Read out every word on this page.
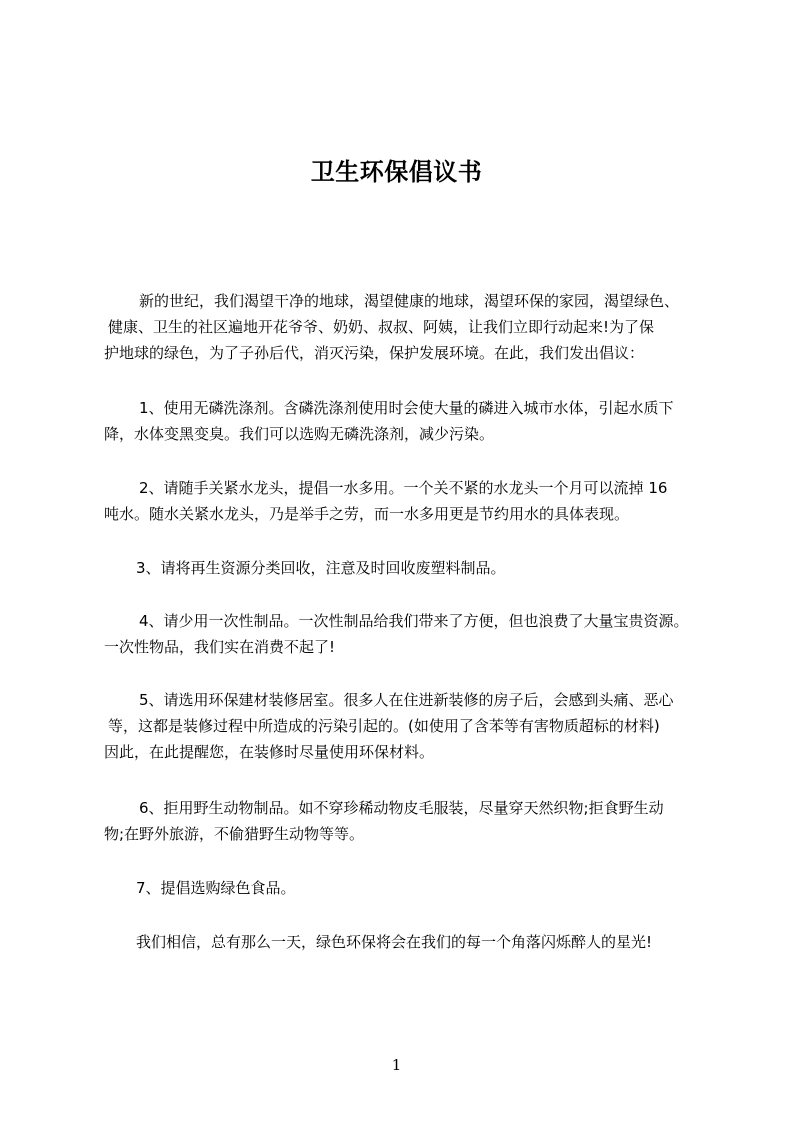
卫生环保倡议书
新的世纪，我们渴望干净的地球，渴望健康的地球，渴望环保的家园，渴望绿色、
健康、卫生的社区遍地开花爷爷、奶奶、叔叔、阿姨，让我们立即行动起来!为了保
护地球的绿色，为了子孙后代，消灭污染，保护发展环境。在此，我们发出倡议：
1、使用无磷洗涤剂。含磷洗涤剂使用时会使大量的磷进入城市水体，引起水质下
降，水体变黑变臭。我们可以选购无磷洗涤剂，减少污染。
2、请随手关紧水龙头，提倡一水多用。一个关不紧的水龙头一个月可以流掉 16
吨水。随水关紧水龙头，乃是举手之劳，而一水多用更是节约用水的具体表现。
3、请将再生资源分类回收，注意及时回收废塑料制品。
4、请少用一次性制品。一次性制品给我们带来了方便，但也浪费了大量宝贵资源。
一次性物品，我们实在消费不起了!
5、请选用环保建材装修居室。很多人在住进新装修的房子后，会感到头痛、恶心
等，这都是装修过程中所造成的污染引起的。(如使用了含苯等有害物质超标的材料)
因此，在此提醒您，在装修时尽量使用环保材料。
6、拒用野生动物制品。如不穿珍稀动物皮毛服装，尽量穿天然织物;拒食野生动
物;在野外旅游，不偷猎野生动物等等。
7、提倡选购绿色食品。
我们相信，总有那么一天，绿色环保将会在我们的每一个角落闪烁醉人的星光!
1
